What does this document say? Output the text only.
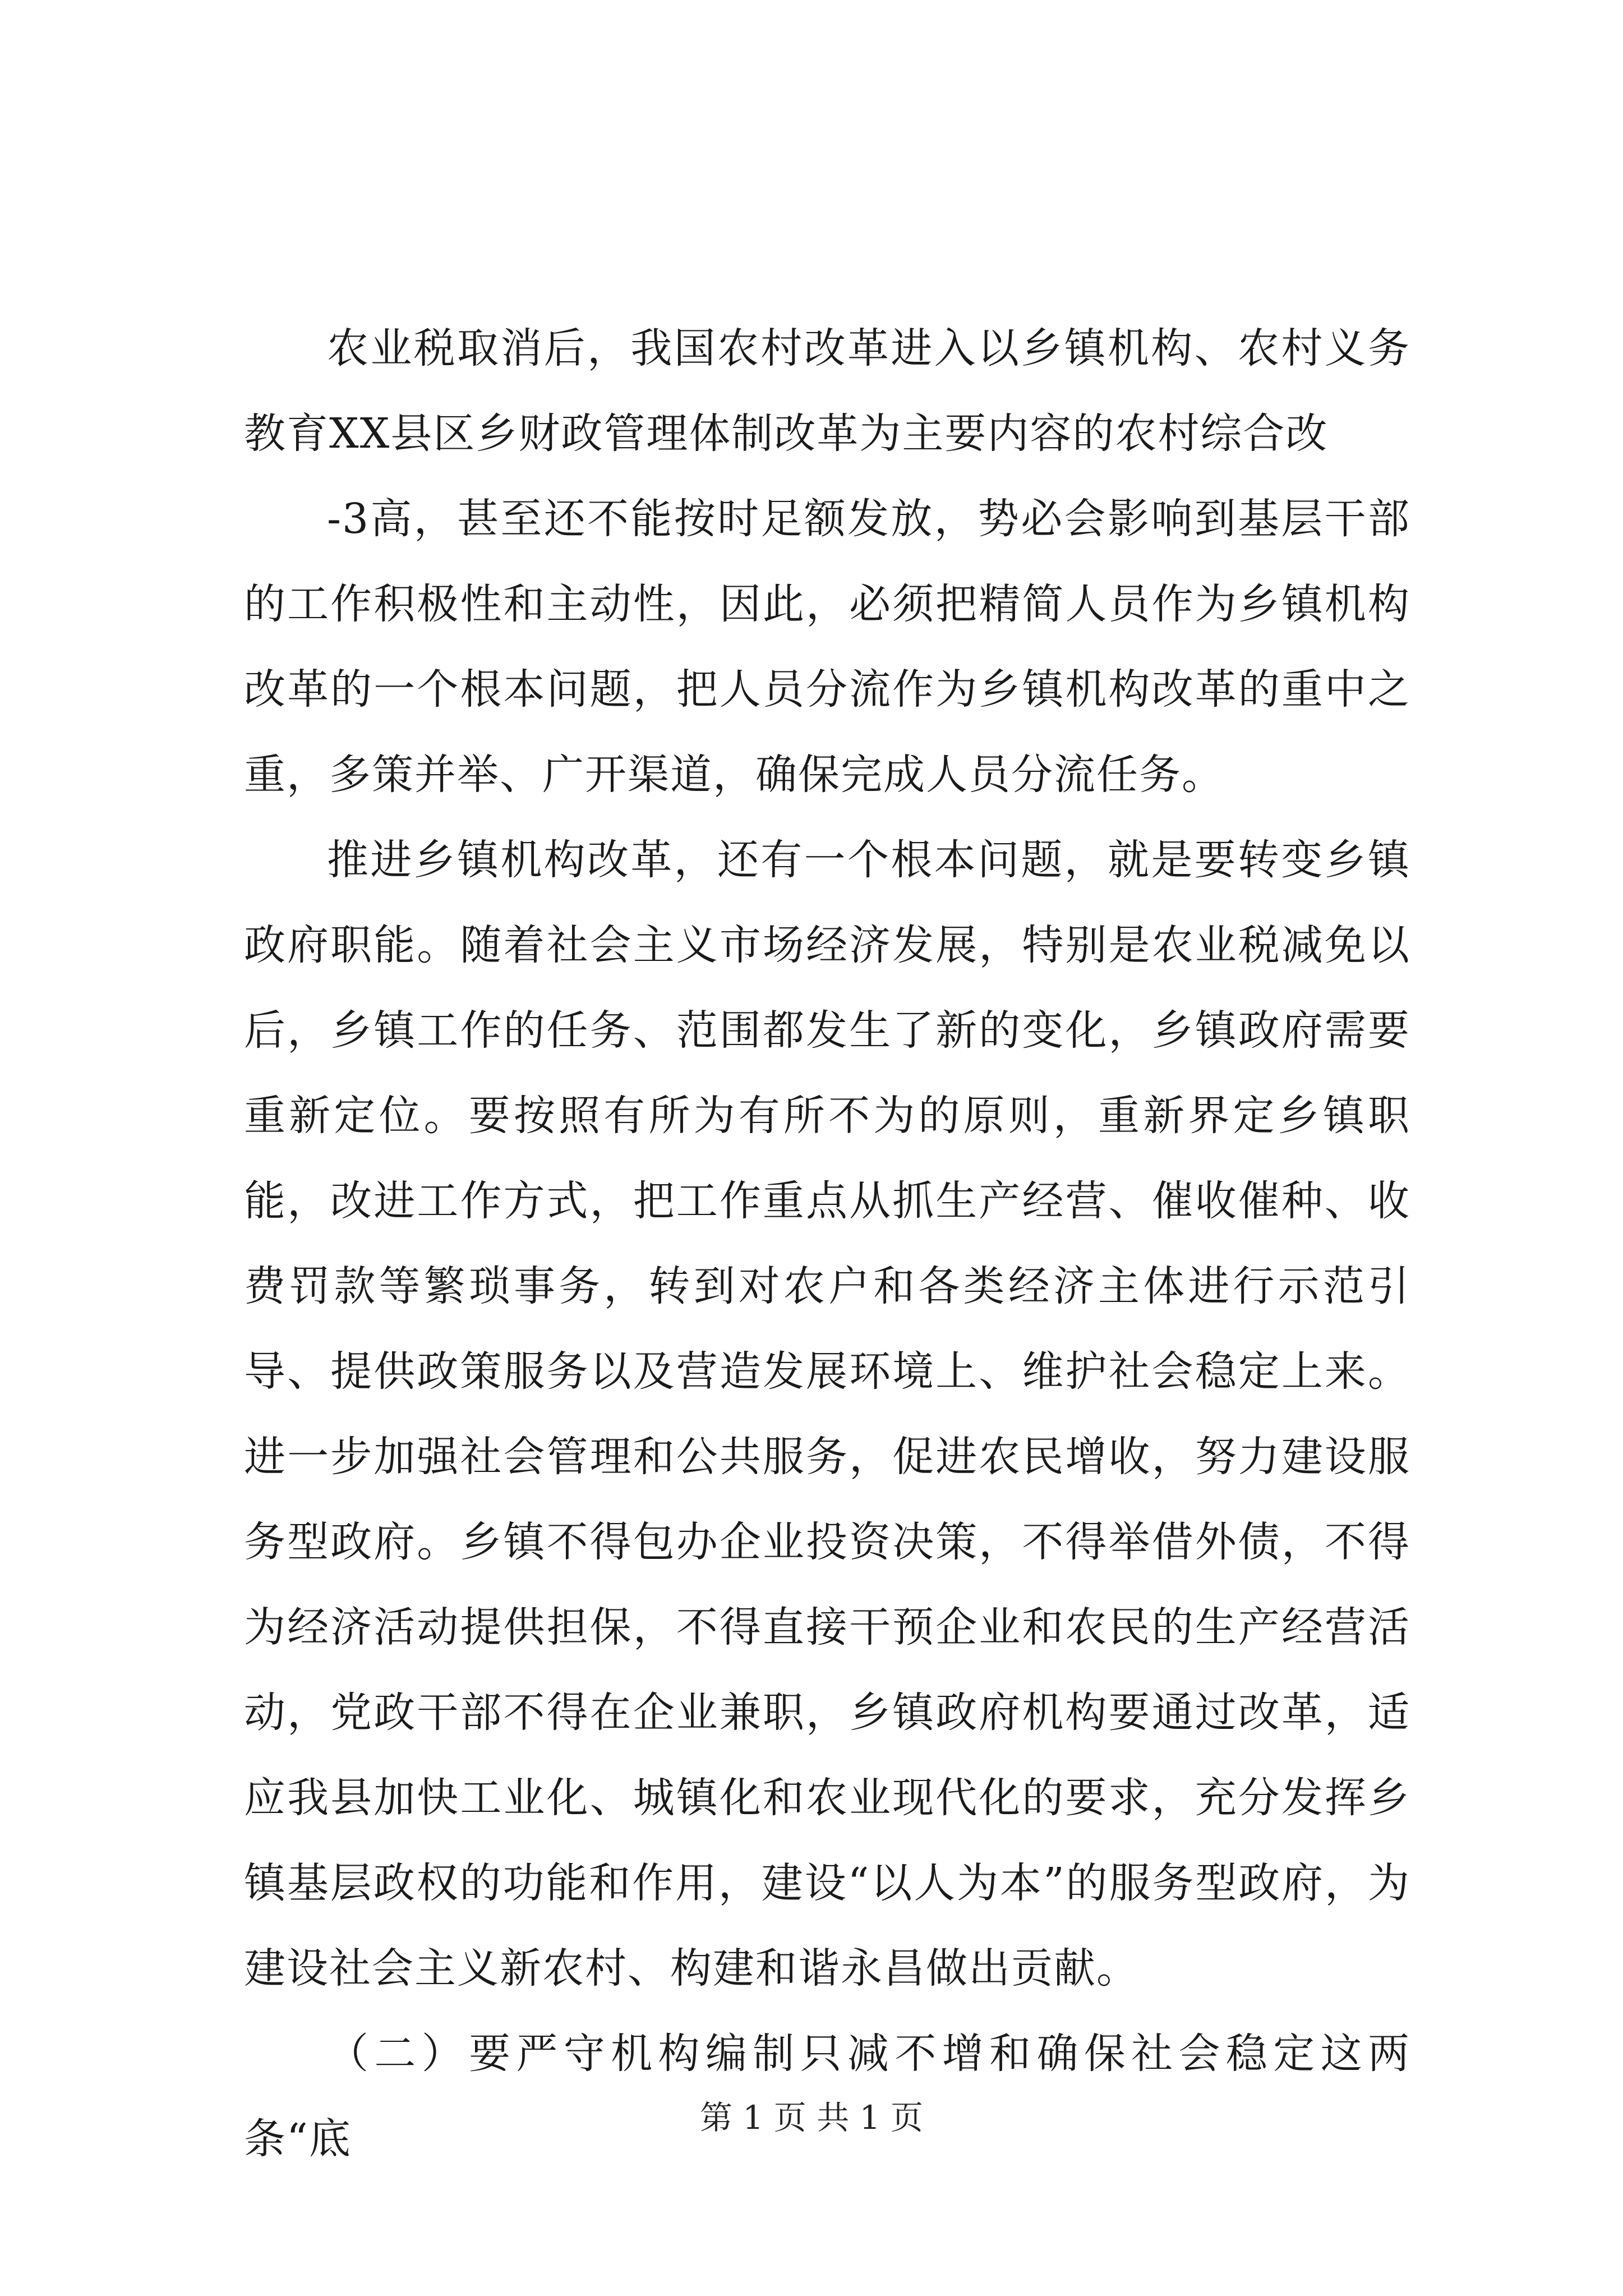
农业税取消后，我国农村改革进入以乡镇机构、农村义务教育XX县区乡财政管理体制改革为主要内容的农村综合改

-3高，甚至还不能按时足额发放，势必会影响到基层干部的工作积极性和主动性，因此，必须把精简人员作为乡镇机构改革的一个根本问题，把人员分流作为乡镇机构改革的重中之重，多策并举、广开渠道，确保完成人员分流任务。

推进乡镇机构改革，还有一个根本问题，就是要转变乡镇政府职能。随着社会主义市场经济发展，特别是农业税减免以后，乡镇工作的任务、范围都发生了新的变化，乡镇政府需要重新定位。要按照有所为有所不为的原则，重新界定乡镇职能，改进工作方式，把工作重点从抓生产经营、催收催种、收费罚款等繁琐事务，转到对农户和各类经济主体进行示范引导、提供政策服务以及营造发展环境上、维护社会稳定上来。进一步加强社会管理和公共服务，促进农民增收，努力建设服务型政府。乡镇不得包办企业投资决策，不得举借外债，不得为经济活动提供担保，不得直接干预企业和农民的生产经营活动，党政干部不得在企业兼职，乡镇政府机构要通过改革，适应我县加快工业化、城镇化和农业现代化的要求，充分发挥乡镇基层政权的功能和作用，建设“以人为本”的服务型政府，为建设社会主义新农村、构建和谐永昌做出贡献。

（二）要严守机构编制只减不增和确保社会稳定这两条“底	第 1 页 共 1 页
